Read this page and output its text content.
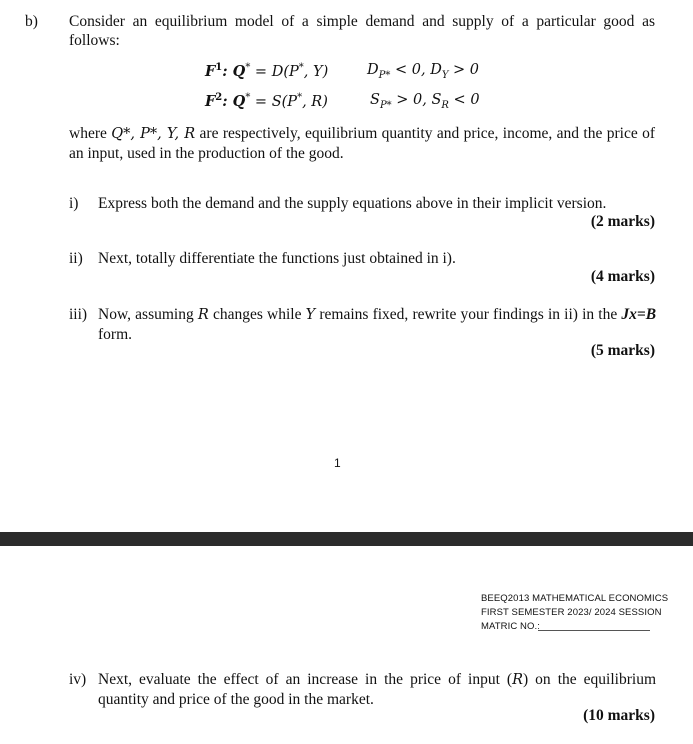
b) Consider an equilibrium model of a simple demand and supply of a particular good as follows:
$F^1$: Q* = D(P*, Y)	$D_{P*} < 0$, $D_Y > 0$
$F^2$: Q* = S(P*, R)	$S_{P*} > 0$, $S_R < 0$
where Q*, P*, Y, R are respectively, equilibrium quantity and price, income, and the price of an input, used in the production of the good.
i) Express both the demand and the supply equations above in their implicit version.
(2 marks)
ii) Next, totally differentiate the functions just obtained in i).
(4 marks)
iii) Now, assuming R changes while Y remains fixed, rewrite your findings in ii) in the Jx=B form.
(5 marks)
1
BEEQ2013 MATHEMATICAL ECONOMICS
FIRST SEMESTER 2023/ 2024 SESSION
MATRIC NO.:
iv) Next, evaluate the effect of an increase in the price of input (R) on the equilibrium quantity and price of the good in the market.
(10 marks)
